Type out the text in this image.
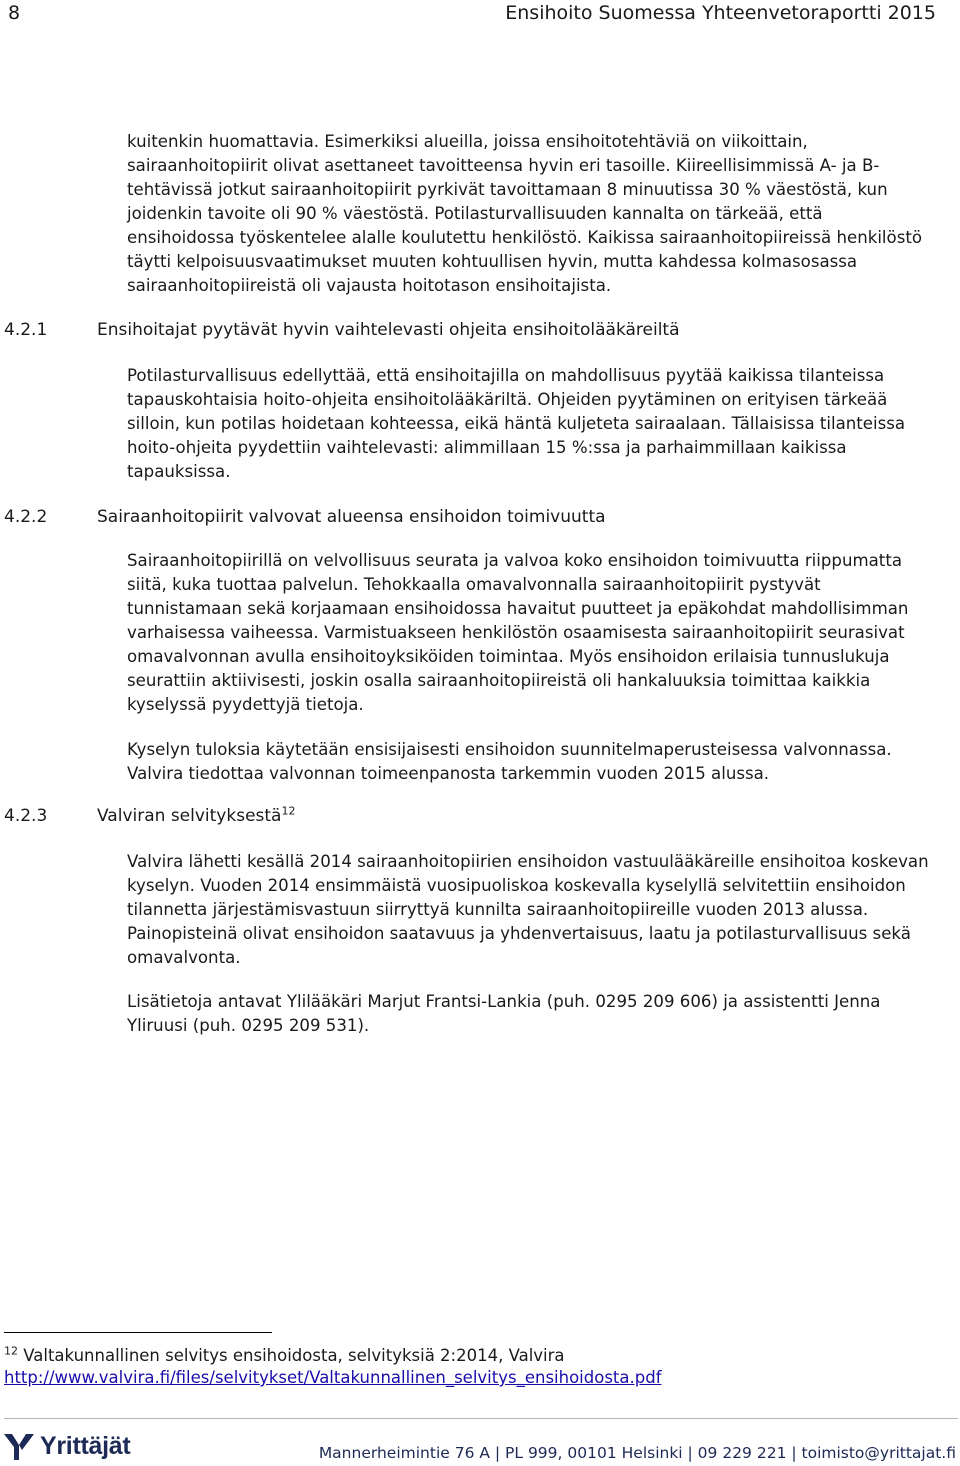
8	Ensihoito Suomessa Yhteenvetoraportti 2015

kuitenkin huomattavia. Esimerkiksi alueilla, joissa ensihoitotehtäviä on viikoittain, sairaanhoitopiirit olivat asettaneet tavoitteensa hyvin eri tasoille. Kiireellisimmissä A- ja B-tehtävissä jotkut sairaanhoitopiirit pyrkivät tavoittamaan 8 minuutissa 30 % väestöstä, kun joidenkin tavoite oli 90 % väestöstä. Potilasturvallisuuden kannalta on tärkeää, että ensihoidossa työskentelee alalle koulutettu henkilöstö. Kaikissa sairaanhoitopiireissä henkilöstö täytti kelpoisuusvaatimukset muuten kohtuullisen hyvin, mutta kahdessa kolmasosassa sairaanhoitopiireistä oli vajausta hoitotason ensihoitajista.

4.2.1	Ensihoitajat pyytävät hyvin vaihtelevasti ohjeita ensihoitolääkäreiltä

Potilasturvallisuus edellyttää, että ensihoitajilla on mahdollisuus pyytää kaikissa tilanteissa tapauskohtaisia hoito-ohjeita ensihoitolääkäriltä. Ohjeiden pyytäminen on erityisen tärkeää silloin, kun potilas hoidetaan kohteessa, eikä häntä kuljeteta sairaalaan. Tällaisissa tilanteissa hoito-ohjeita pyydettiin vaihtelevasti: alimmillaan 15 %:ssa ja parhaimmillaan kaikissa tapauksissa.

4.2.2	Sairaanhoitopiirit valvovat alueensa ensihoidon toimivuutta

Sairaanhoitopiirillä on velvollisuus seurata ja valvoa koko ensihoidon toimivuutta riippumatta siitä, kuka tuottaa palvelun. Tehokkaalla omavalvonnalla sairaanhoitopiirit pystyvät tunnistamaan sekä korjaamaan ensihoidossa havaitut puutteet ja epäkohdat mahdollisimman varhaisessa vaiheessa. Varmistuakseen henkilöstön osaamisesta sairaanhoitopiirit seurasivat omavalvonnan avulla ensihoitoyksiköiden toimintaa. Myös ensihoidon erilaisia tunnuslukuja seurattiin aktiivisesti, joskin osalla sairaanhoitopiireistä oli hankaluuksia toimittaa kaikkia kyselyssä pyydettyjä tietoja.

Kyselyn tuloksia käytetään ensisijaisesti ensihoidon suunnitelmaperusteisessa valvonnassa. Valvira tiedottaa valvonnan toimeenpanosta tarkemmin vuoden 2015 alussa.

4.2.3	Valviran selvityksestä$^{12}$

Valvira lähetti kesällä 2014 sairaanhoitopiirien ensihoidon vastuulääkäreille ensihoitoa koskevan kyselyn. Vuoden 2014 ensimmäistä vuosipuoliskoa koskevalla kyselyllä selvitettiin ensihoidon tilannetta järjestämisvastuun siirryttyä kunnilta sairaanhoitopiireille vuoden 2013 alussa. Painopisteinä olivat ensihoidon saatavuus ja yhdenvertaisuus, laatu ja potilasturvallisuus sekä omavalvonta.

Lisätietoja antavat Ylilääkäri Marjut Frantsi-Lankia (puh. 0295 209 606) ja assistentti Jenna Yliruusi (puh. 0295 209 531).

$^{12}$ Valtakunnallinen selvitys ensihoidosta, selvityksiä 2:2014, Valvira
http://www.valvira.fi/files/selvitykset/Valtakunnallinen_selvitys_ensihoidosta.pdf
Yrittäjät	Mannerheimintie 76 A | PL 999, 00101 Helsinki | 09 229 221 | toimisto@yrittajat.fi
